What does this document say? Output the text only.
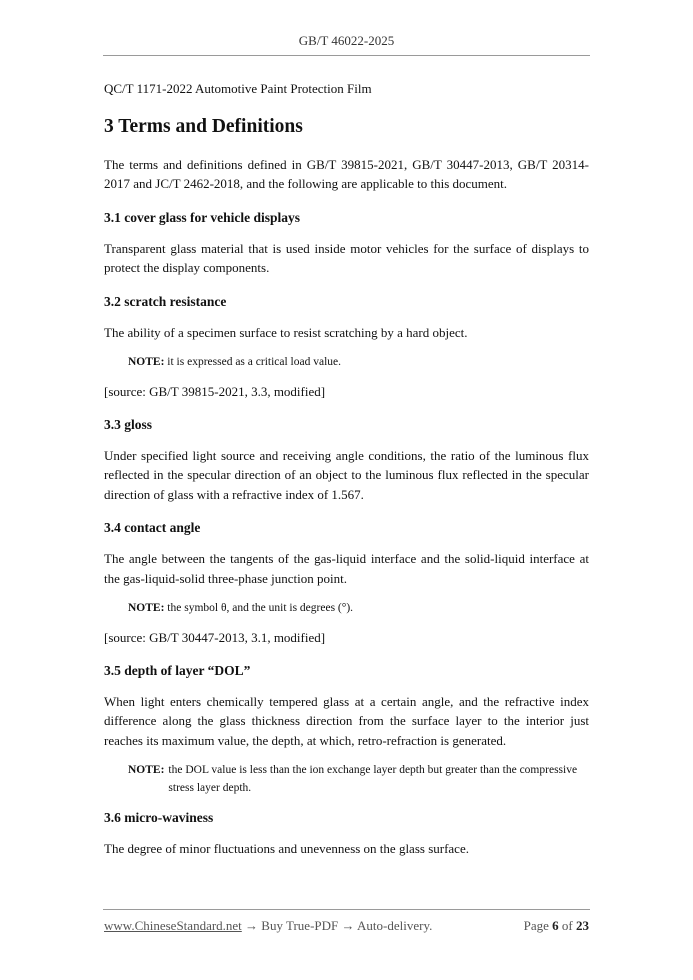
GB/T 46022-2025

QC/T 1171-2022 Automotive Paint Protection Film

3 Terms and Definitions

The terms and definitions defined in GB/T 39815-2021, GB/T 30447-2013, GB/T 20314-2017 and JC/T 2462-2018, and the following are applicable to this document.

3.1 cover glass for vehicle displays

Transparent glass material that is used inside motor vehicles for the surface of displays to protect the display components.

3.2 scratch resistance

The ability of a specimen surface to resist scratching by a hard object.

NOTE: it is expressed as a critical load value.

[source: GB/T 39815-2021, 3.3, modified]

3.3 gloss

Under specified light source and receiving angle conditions, the ratio of the luminous flux reflected in the specular direction of an object to the luminous flux reflected in the specular direction of glass with a refractive index of 1.567.

3.4 contact angle

The angle between the tangents of the gas-liquid interface and the solid-liquid interface at the gas-liquid-solid three-phase junction point.

NOTE: the symbol θ, and the unit is degrees (°).

[source: GB/T 30447-2013, 3.1, modified]

3.5 depth of layer “DOL”

When light enters chemically tempered glass at a certain angle, and the refractive index difference along the glass thickness direction from the surface layer to the interior just reaches its maximum value, the depth, at which, retro-refraction is generated.

NOTE: the DOL value is less than the ion exchange layer depth but greater than the compressive stress layer depth.
3.6 micro-waviness

The degree of minor fluctuations and unevenness on the glass surface.

www.ChineseStandard.net → Buy True-PDF → Auto-delivery.	Page 6 of 23
